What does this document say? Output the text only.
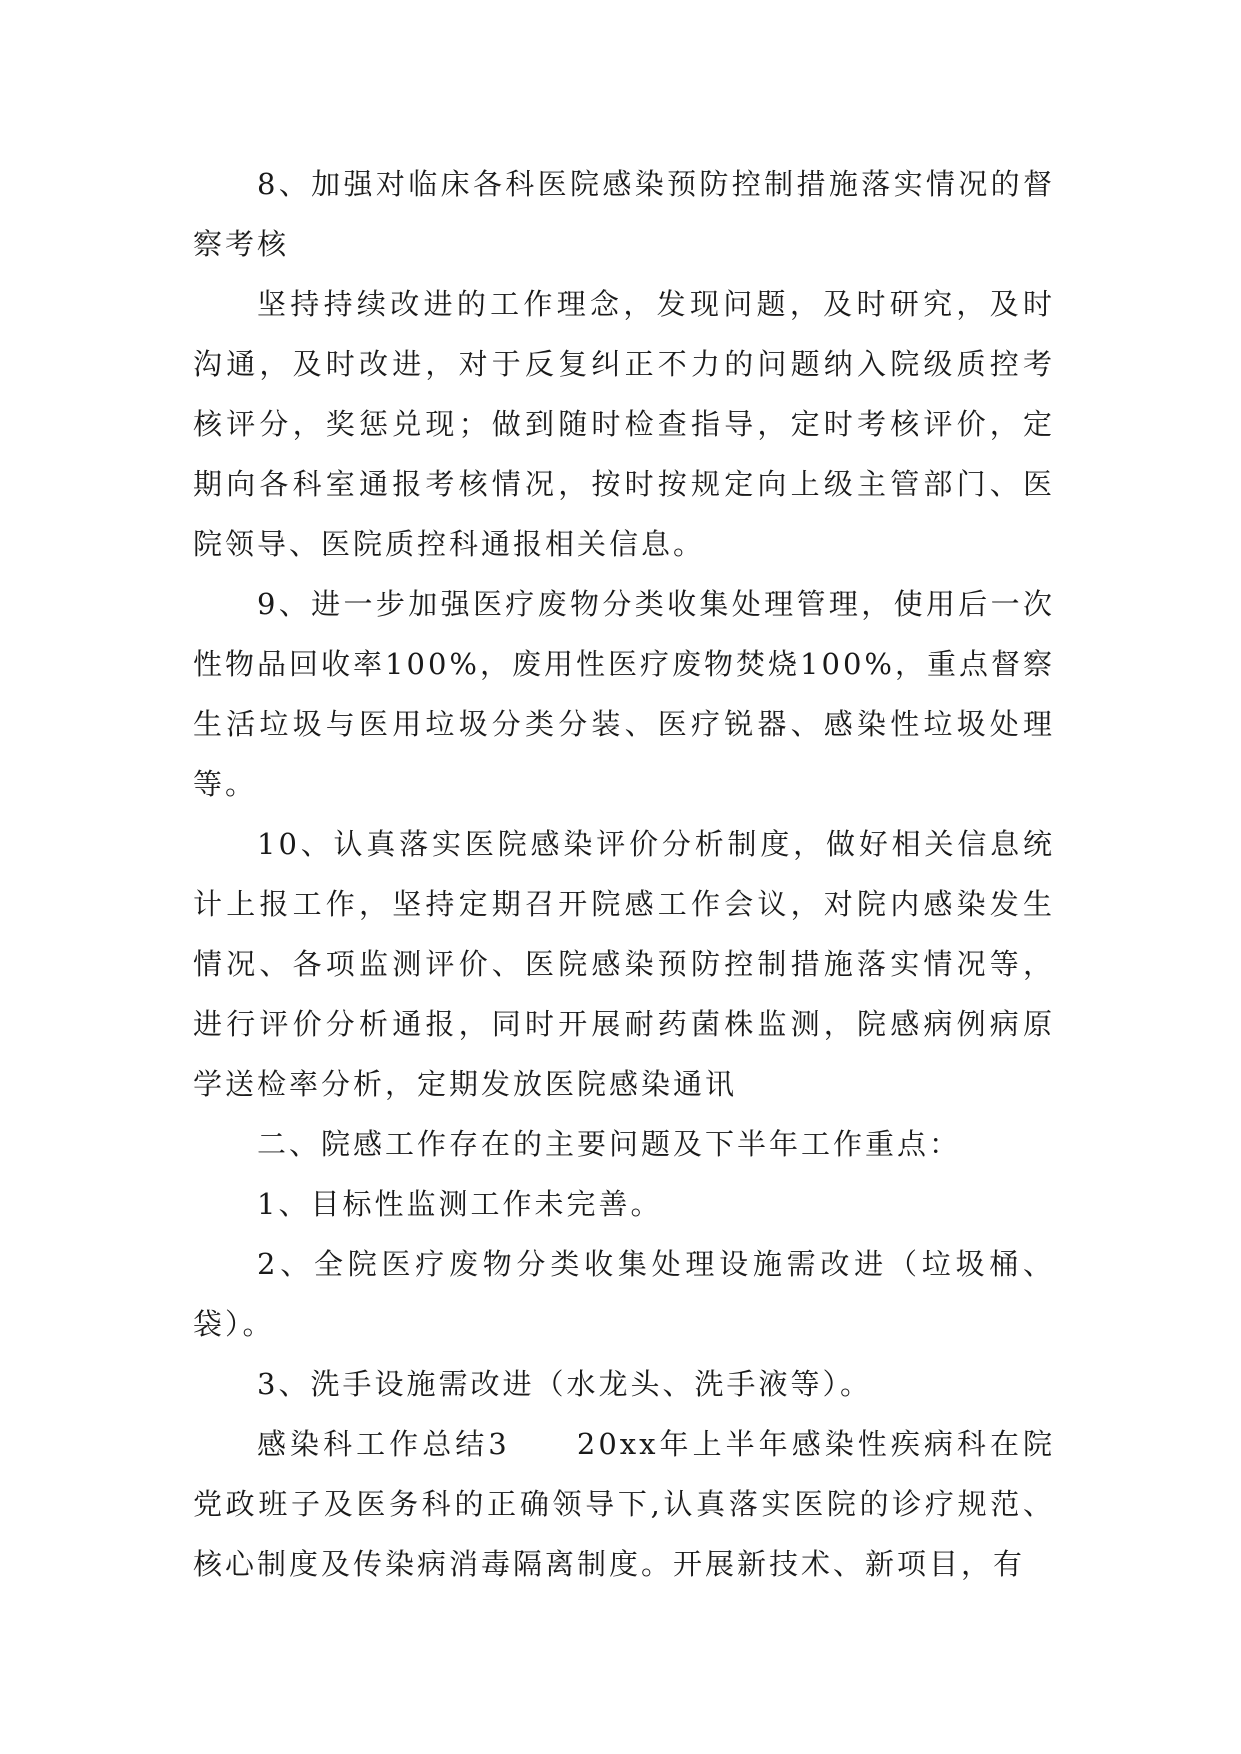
8、加强对临床各科医院感染预防控制措施落实情况的督察考核

坚持持续改进的工作理念，发现问题，及时研究，及时沟通，及时改进，对于反复纠正不力的问题纳入院级质控考核评分，奖惩兑现；做到随时检查指导，定时考核评价，定期向各科室通报考核情况，按时按规定向上级主管部门、医院领导、医院质控科通报相关信息。

9、进一步加强医疗废物分类收集处理管理，使用后一次性物品回收率100%，废用性医疗废物焚烧100%，重点督察生活垃圾与医用垃圾分类分装、医疗锐器、感染性垃圾处理等。

10、认真落实医院感染评价分析制度，做好相关信息统计上报工作，坚持定期召开院感工作会议，对院内感染发生情况、各项监测评价、医院感染预防控制措施落实情况等，进行评价分析通报，同时开展耐药菌株监测，院感病例病原学送检率分析，定期发放医院感染通讯

二、院感工作存在的主要问题及下半年工作重点：

1、目标性监测工作未完善。

2、全院医疗废物分类收集处理设施需改进（垃圾桶、袋）。

3、洗手设施需改进（水龙头、洗手液等）。

感染科工作总结3　　20xx年上半年感染性疾病科在院党政班子及医务科的正确领导下,认真落实医院的诊疗规范、核心制度及传染病消毒隔离制度。开展新技术、新项目，有
